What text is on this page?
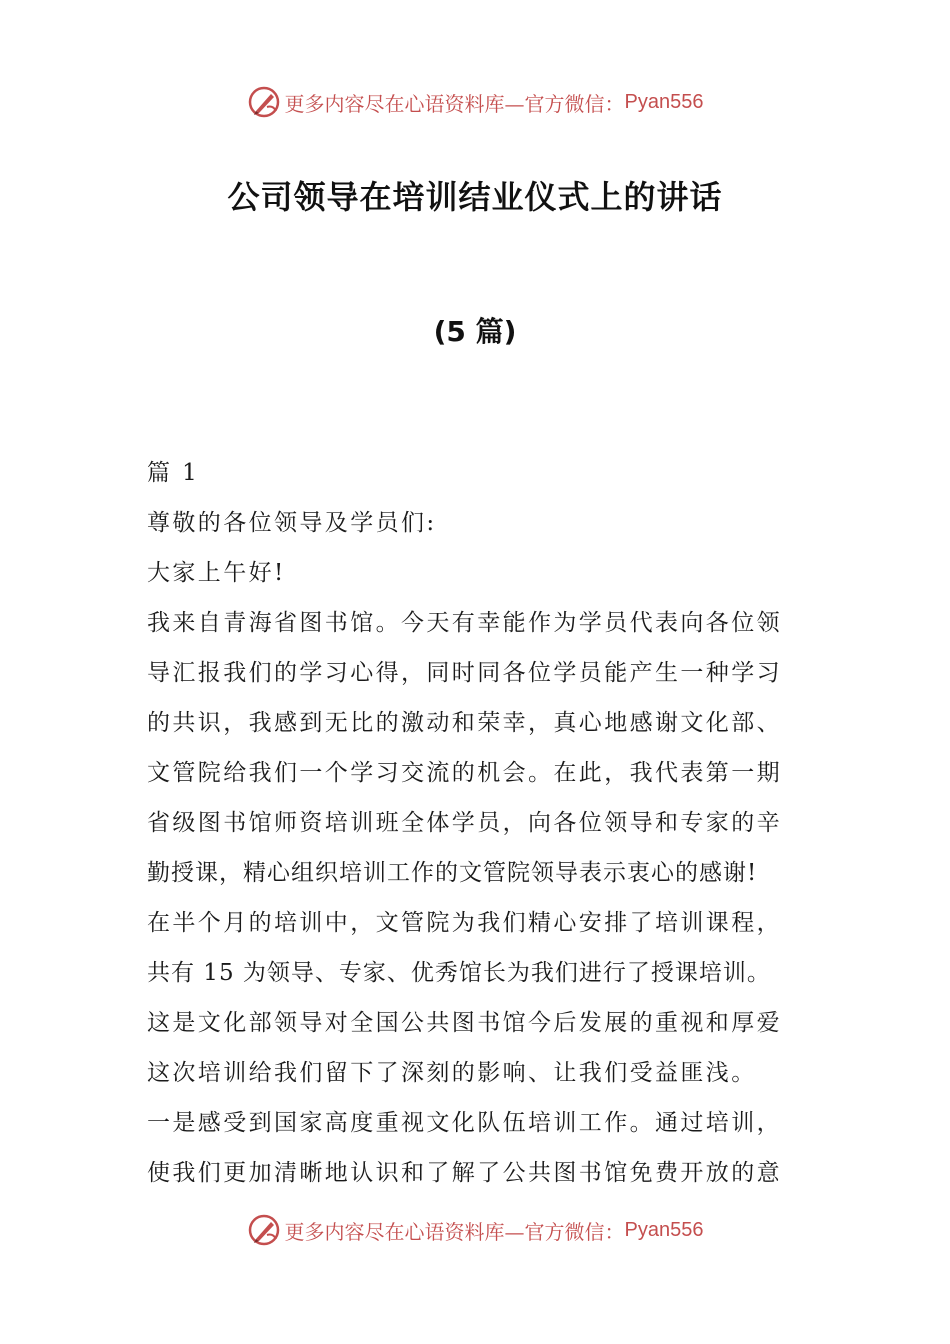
更多内容尽在心语资料库—官方微信： Pyan556
公司领导在培训结业仪式上的讲话
(5 篇)
篇 1
尊敬的各位领导及学员们:
大家上午好!
我来自青海省图书馆。今天有幸能作为学员代表向各位领
导汇报我们的学习心得，同时同各位学员能产生一种学习
的共识，我感到无比的激动和荣幸，真心地感谢文化部、
文管院给我们一个学习交流的机会。在此，我代表第一期
省级图书馆师资培训班全体学员，向各位领导和专家的辛
勤授课，精心组织培训工作的文管院领导表示衷心的感谢!
在半个月的培训中，文管院为我们精心安排了培训课程，
共有 15 为领导、专家、优秀馆长为我们进行了授课培训。
这是文化部领导对全国公共图书馆今后发展的重视和厚爱
这次培训给我们留下了深刻的影响、让我们受益匪浅。
一是感受到国家高度重视文化队伍培训工作。通过培训，
使我们更加清晰地认识和了解了公共图书馆免费开放的意
更多内容尽在心语资料库—官方微信： Pyan556
